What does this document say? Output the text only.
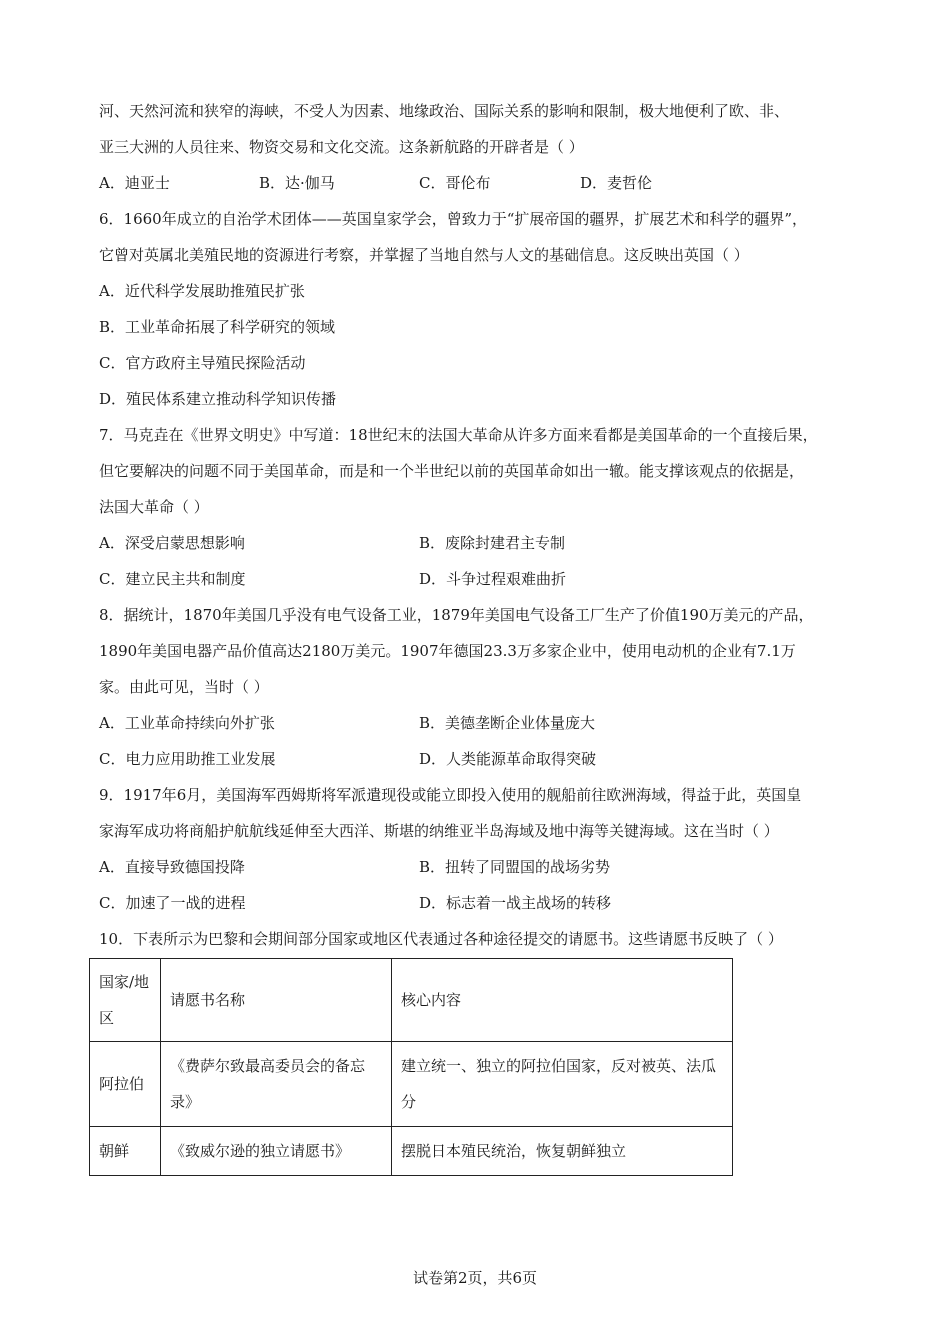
河、天然河流和狭窄的海峡，不受人为因素、地缘政治、国际关系的影响和限制，极大地便利了欧、非、
亚三大洲的人员往来、物资交易和文化交流。这条新航路的开辟者是（ ）
A．迪亚士	B．达·伽马	C．哥伦布	D．麦哲伦
6．1660年成立的自治学术团体——英国皇家学会，曾致力于“扩展帝国的疆界，扩展艺术和科学的疆界”，
它曾对英属北美殖民地的资源进行考察，并掌握了当地自然与人文的基础信息。这反映出英国（ ）
A．近代科学发展助推殖民扩张
B．工业革命拓展了科学研究的领域
C．官方政府主导殖民探险活动
D．殖民体系建立推动科学知识传播
7．马克垚在《世界文明史》中写道：18世纪末的法国大革命从许多方面来看都是美国革命的一个直接后果，
但它要解决的问题不同于美国革命，而是和一个半世纪以前的英国革命如出一辙。能支撑该观点的依据是，
法国大革命（ ）
A．深受启蒙思想影响	B．废除封建君主专制
C．建立民主共和制度	D．斗争过程艰难曲折
8．据统计，1870年美国几乎没有电气设备工业，1879年美国电气设备工厂生产了价值190万美元的产品，
1890年美国电器产品价值高达2180万美元。1907年德国23.3万多家企业中，使用电动机的企业有7.1万
家。由此可见，当时（ ）
A．工业革命持续向外扩张	B．美德垄断企业体量庞大
C．电力应用助推工业发展	D．人类能源革命取得突破
9．1917年6月，美国海军西姆斯将军派遣现役或能立即投入使用的舰船前往欧洲海域，得益于此，英国皇
家海军成功将商船护航航线延伸至大西洋、斯堪的纳维亚半岛海域及地中海等关键海域。这在当时（ ）
A．直接导致德国投降	B．扭转了同盟国的战场劣势
C．加速了一战的进程	D．标志着一战主战场的转移
10．下表所示为巴黎和会期间部分国家或地区代表通过各种途径提交的请愿书。这些请愿书反映了（ ）
国家/地区	请愿书名称	核心内容
阿拉伯	《费萨尔致最高委员会的备忘录》	建立统一、独立的阿拉伯国家，反对被英、法瓜分
朝鲜	《致威尔逊的独立请愿书》	摆脱日本殖民统治，恢复朝鲜独立
试卷第2页，共6页
